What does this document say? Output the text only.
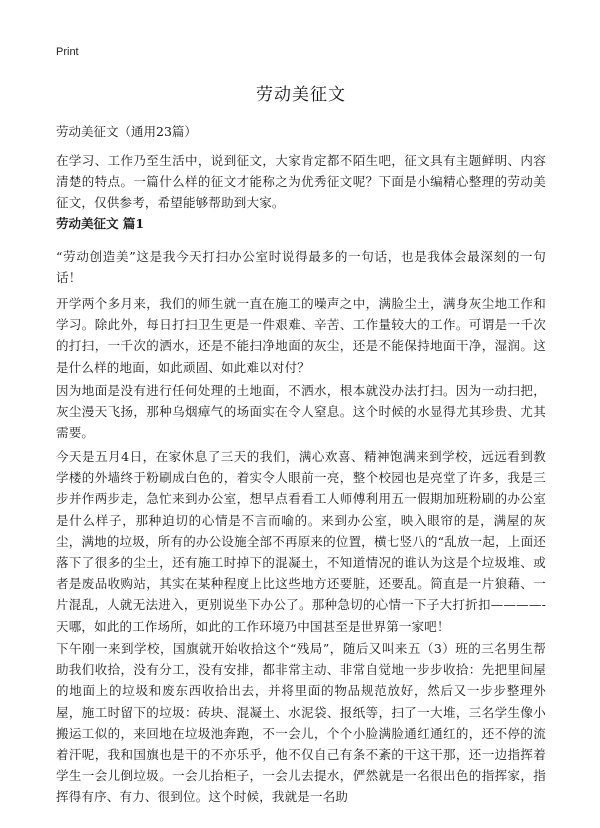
Print
劳动美征文
劳动美征文（通用23篇）

在学习、工作乃至生活中，说到征文，大家肯定都不陌生吧，征文具有主题鲜明、内容清楚的特点。一篇什么样的征文才能称之为优秀征文呢？下面是小编精心整理的劳动美征文，仅供参考，希望能够帮助到大家。

劳动美征文 篇1

“劳动创造美”这是我今天打扫办公室时说得最多的一句话，也是我体会最深刻的一句话！

开学两个多月来，我们的师生就一直在施工的噪声之中，满脸尘土，满身灰尘地工作和学习。除此外，每日打扫卫生更是一件艰难、辛苦、工作量较大的工作。可谓是一千次的打扫，一千次的洒水，还是不能扫净地面的灰尘，还是不能保持地面干净，湿润。这是什么样的地面，如此顽固、如此难以对付？

因为地面是没有进行任何处理的土地面，不洒水，根本就没办法打扫。因为一动扫把，灰尘漫天飞扬，那种乌烟瘴气的场面实在令人窒息。这个时候的水显得尤其珍贵、尤其需要。

今天是五月4日，在家休息了三天的我们，满心欢喜、精神饱满来到学校，远远看到教学楼的外墙终于粉刷成白色的，着实令人眼前一亮，整个校园也是亮堂了许多，我是三步并作两步走，急忙来到办公室，想早点看看工人师傅利用五一假期加班粉刷的办公室是什么样子，那种迫切的心情是不言而喻的。来到办公室，映入眼帘的是，满屋的灰尘，满地的垃圾，所有的办公设施全部不再原来的位置，横七竖八的“乱放一起，上面还落下了很多的尘土，还有施工时掉下的混凝土，不知道情况的谁认为这是个垃圾堆、或者是废品收购站，其实在某种程度上比这些地方还要脏，还要乱。简直是一片狼藉、一片混乱，人就无法进入，更别说坐下办公了。那种急切的心情一下子大打折扣————-天哪，如此的工作场所，如此的工作环境乃中国甚至是世界第一家吧！

下午刚一来到学校，国旗就开始收拾这个“残局”，随后又叫来五（3）班的三名男生帮助我们收拾，没有分工，没有安排，都非常主动、非常自觉地一步步收拾：先把里间屋的地面上的垃圾和废东西收拾出去，并将里面的物品规范放好，然后又一步步整理外屋，施工时留下的垃圾：砖块、混凝土、水泥袋、报纸等，扫了一大堆，三名学生像小搬运工似的，来回地在垃圾池奔跑，不一会儿，个个小脸满脸通红通红的，还不停的流着汗呢，我和国旗也是干的不亦乐乎，他不仅自己有条不紊的干这干那，还一边指挥着学生一会儿倒垃圾。一会儿抬柜子，一会儿去提水，俨然就是一名很出色的指挥家，指挥得有序、有力、很到位。这个时候，我就是一名助
